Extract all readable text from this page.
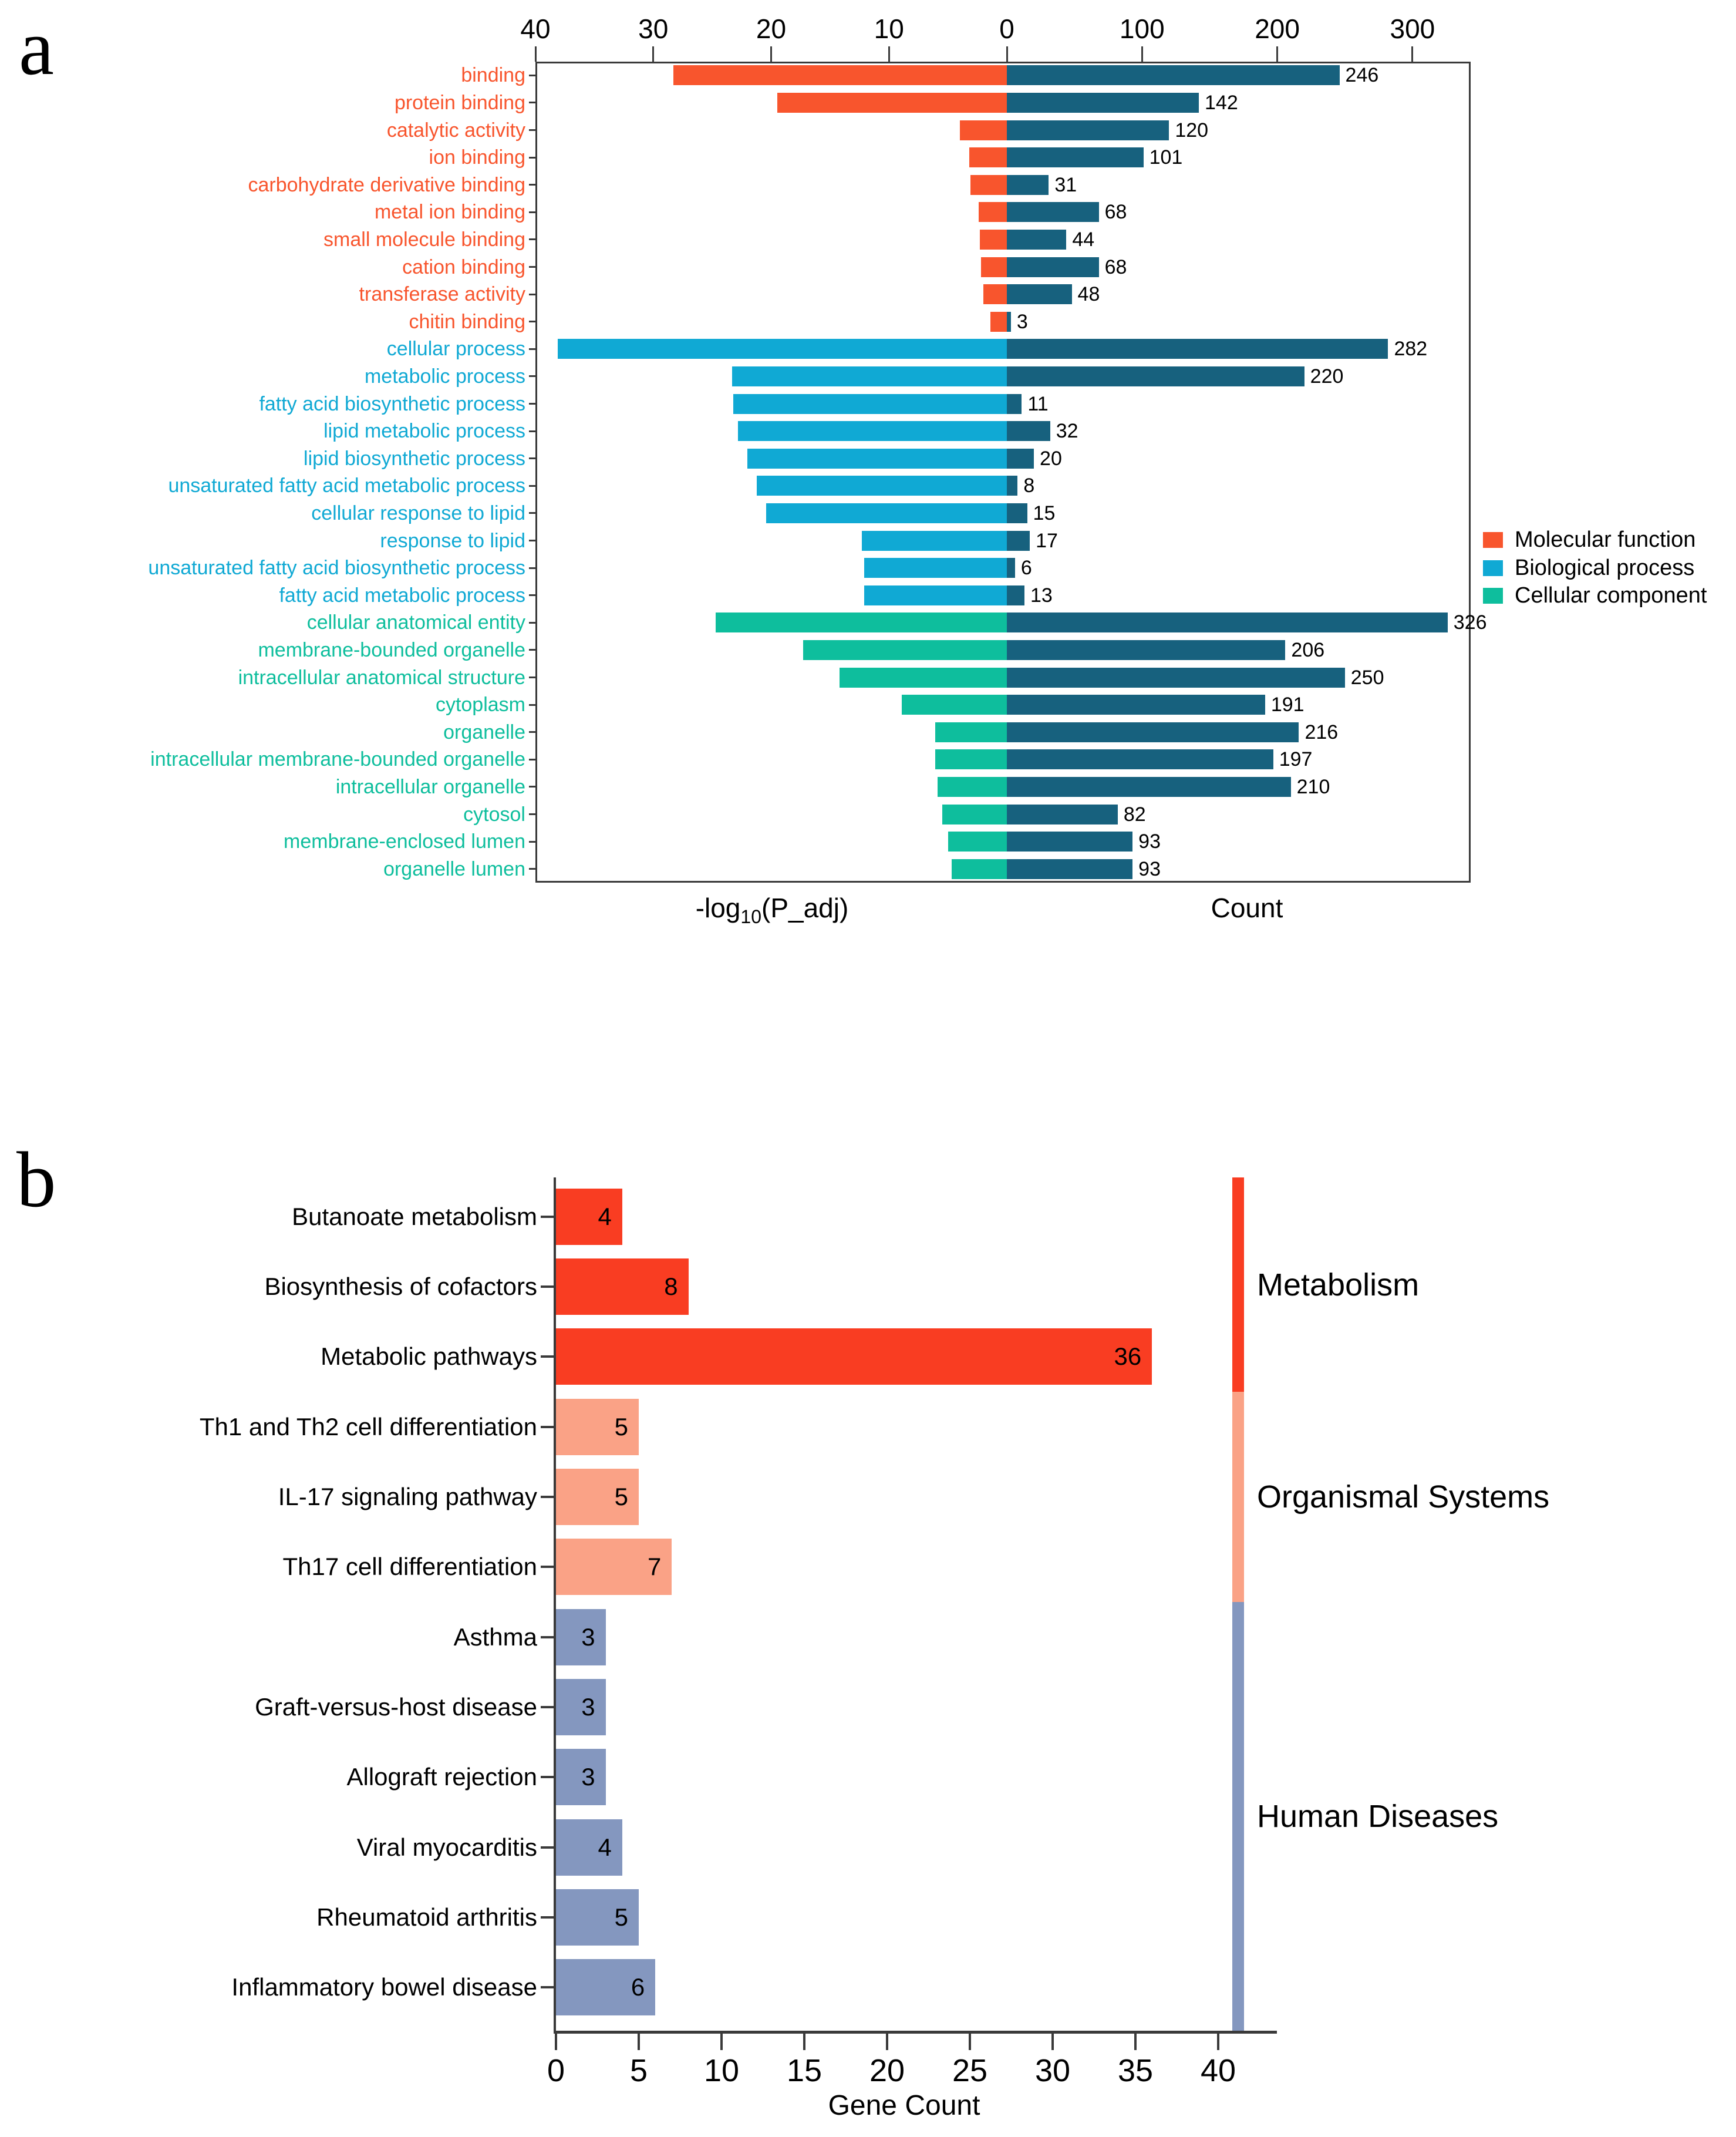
a	40	30	20	10	0	100	200	300
binding	246
protein binding	142
catalytic activity	120
ion binding	101
carbohydrate derivative binding	31
metal ion binding	68
small molecule binding	44
cation binding	68
transferase activity	48
chitin binding	3
cellular process	282
metabolic process	220
fatty acid biosynthetic process	11
lipid metabolic process	32
lipid biosynthetic process	20
unsaturated fatty acid metabolic process	8
cellular response to lipid	15
response to lipid	17
unsaturated fatty acid biosynthetic process	6
fatty acid metabolic process	13
cellular anatomical entity	326
membrane-bounded organelle	206
intracellular anatomical structure	250
cytoplasm	191
organelle	216
intracellular membrane-bounded organelle	197
intracellular organelle	210
cytosol	82
membrane-enclosed lumen	93
organelle lumen	93
$-\log_{10}(P\_adj)$	Count
Molecular function
Biological process
Cellular component
b	Butanoate metabolism	4
Biosynthesis of cofactors	8
Metabolic pathways	36
Th1 and Th2 cell differentiation	5
IL-17 signaling pathway	5
Th17 cell differentiation	7
Asthma	3
Graft-versus-host disease	3
Allograft rejection	3
Viral myocarditis	4
Rheumatoid arthritis	5
Inflammatory bowel disease	6
0	5	10	15	20	25	30	35	40
Metabolism
Organismal Systems
Human Diseases
Gene Count
